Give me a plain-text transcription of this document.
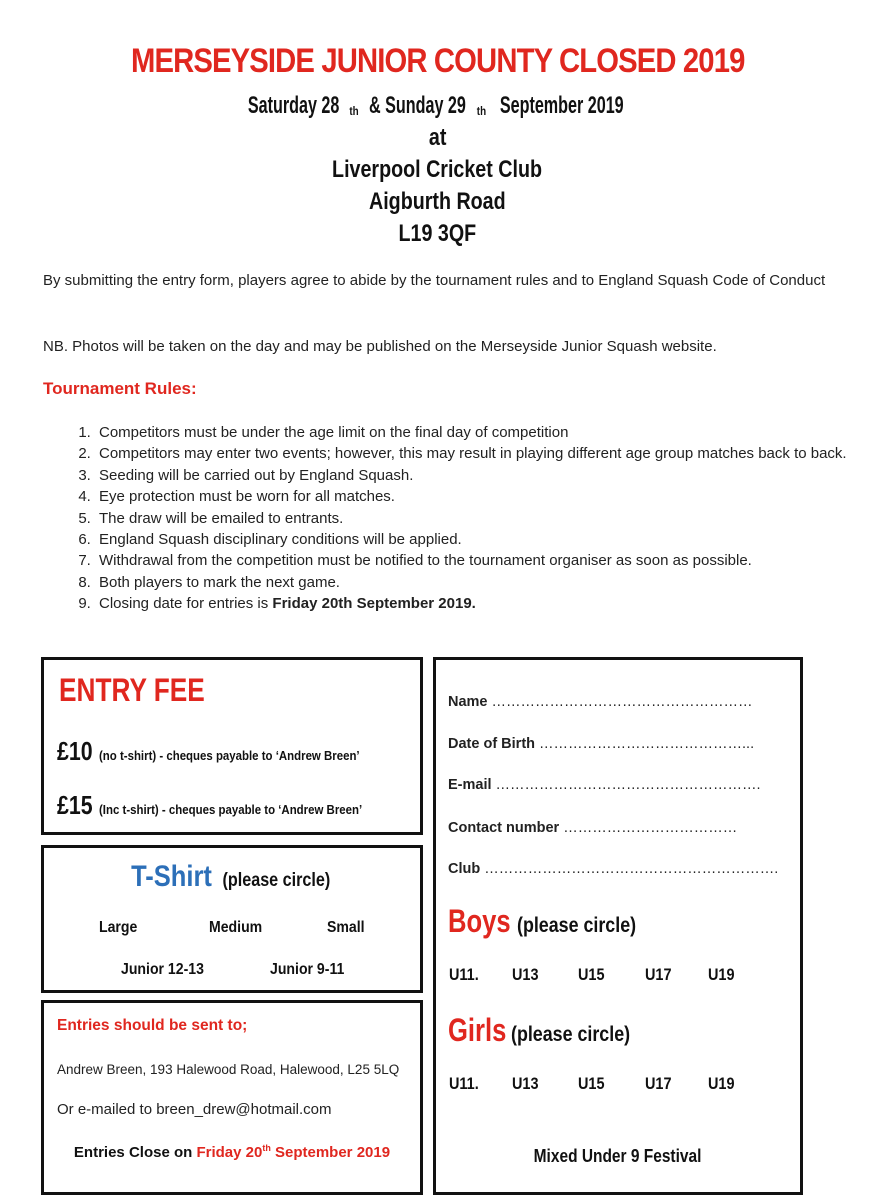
MERSEYSIDE JUNIOR COUNTY CLOSED 2019
Saturday 28 $_{th}$& Sunday 29 $_{th}$September 2019
at
Liverpool Cricket Club
Aigburth Road
L19 3QF
By submitting the entry form, players agree to abide by the tournament rules and to England Squash Code of Conduct
NB. Photos will be taken on the day and may be published on the Merseyside Junior Squash website.
Tournament Rules:
1. Competitors must be under the age limit on the final day of competition
2. Competitors may enter two events; however, this may result in playing different age group matches back to back.
3. Seeding will be carried out by England Squash.
4. Eye protection must be worn for all matches.
5. The draw will be emailed to entrants.
6. England Squash disciplinary conditions will be applied.
7. Withdrawal from the competition must be notified to the tournament organiser as soon as possible.
8. Both players to mark the next game.
9. Closing date for entries is Friday 20th September 2019.
ENTRY FEE
£10 (no t-shirt) - cheques payable to ‘Andrew Breen’
£15 (Inc t-shirt) - cheques payable to ‘Andrew Breen’
T-Shirt (please circle)
Large	Medium	Small
Junior 12-13	Junior 9-11
Entries should be sent to;
Andrew Breen, 193 Halewood Road, Halewood, L25 5LQ
Or e-mailed to breen_drew@hotmail.com
Entries Close on Friday 20th September 2019
Name ………………………………………………
Date of Birth ……………………………………...
E-mail ……………………………………………….
Contact number ………………………………
Club …………………………………………………….
Boys (please circle)
U11. U13 U15 U17 U19
Girls (please circle)
U11. U13 U15 U17 U19
Mixed Under 9 Festival
